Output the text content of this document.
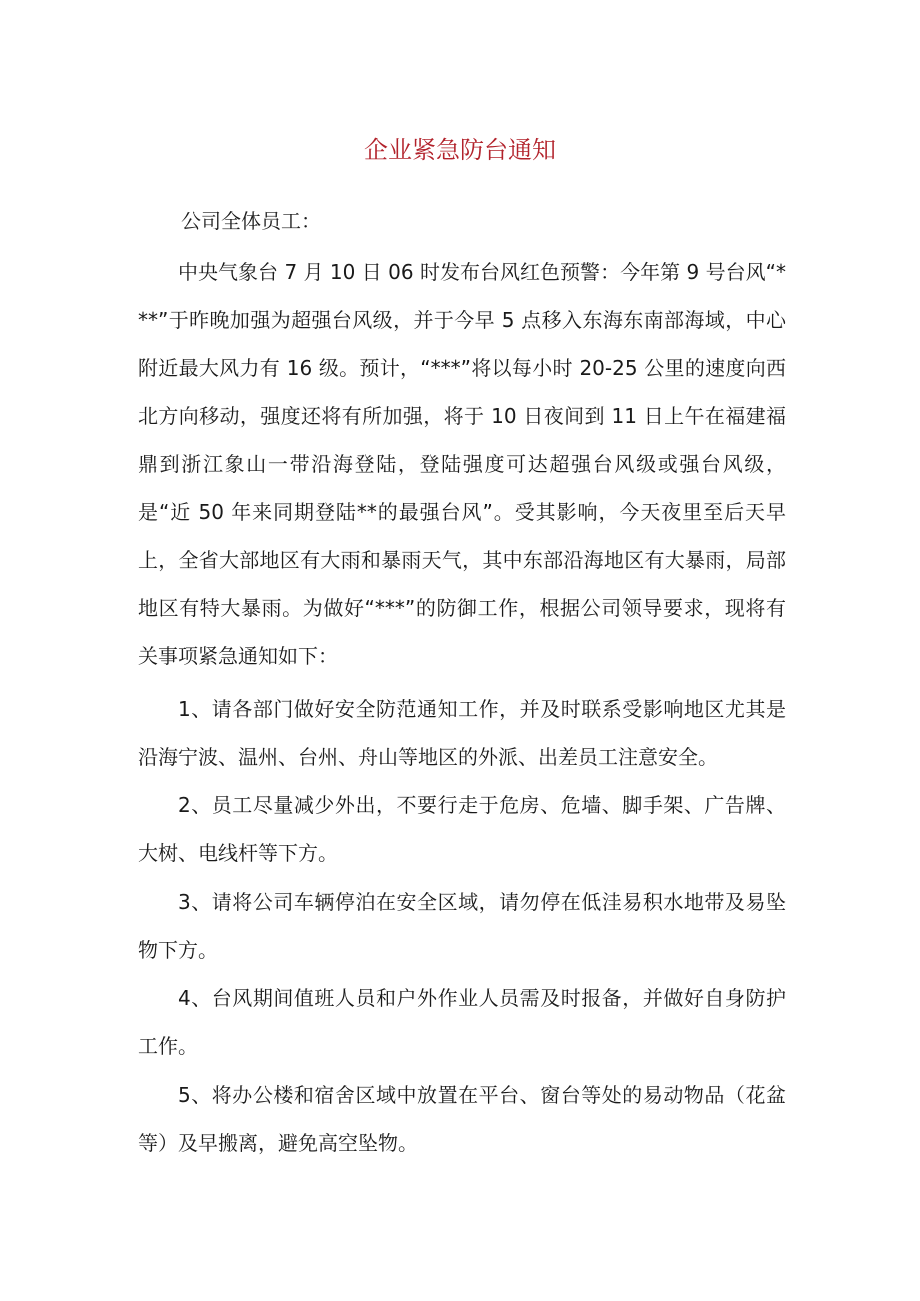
企业紧急防台通知

公司全体员工：

中央气象台 7 月 10 日 06 时发布台风红色预警：今年第 9 号台风“***”于昨晚加强为超强台风级，并于今早 5 点移入东海东南部海域，中心附近最大风力有 16 级。预计，“***”将以每小时 20-25 公里的速度向西北方向移动，强度还将有所加强，将于 10 日夜间到 11 日上午在福建福鼎到浙江象山一带沿海登陆，登陆强度可达超强台风级或强台风级，是“近 50 年来同期登陆**的最强台风”。受其影响，今天夜里至后天早上，全省大部地区有大雨和暴雨天气，其中东部沿海地区有大暴雨，局部地区有特大暴雨。为做好“***”的防御工作，根据公司领导要求，现将有关事项紧急通知如下：

1、请各部门做好安全防范通知工作，并及时联系受影响地区尤其是沿海宁波、温州、台州、舟山等地区的外派、出差员工注意安全。

2、员工尽量减少外出，不要行走于危房、危墙、脚手架、广告牌、大树、电线杆等下方。

3、请将公司车辆停泊在安全区域，请勿停在低洼易积水地带及易坠物下方。

4、台风期间值班人员和户外作业人员需及时报备，并做好自身防护工作。

5、将办公楼和宿舍区域中放置在平台、窗台等处的易动物品（花盆等）及早搬离，避免高空坠物。
